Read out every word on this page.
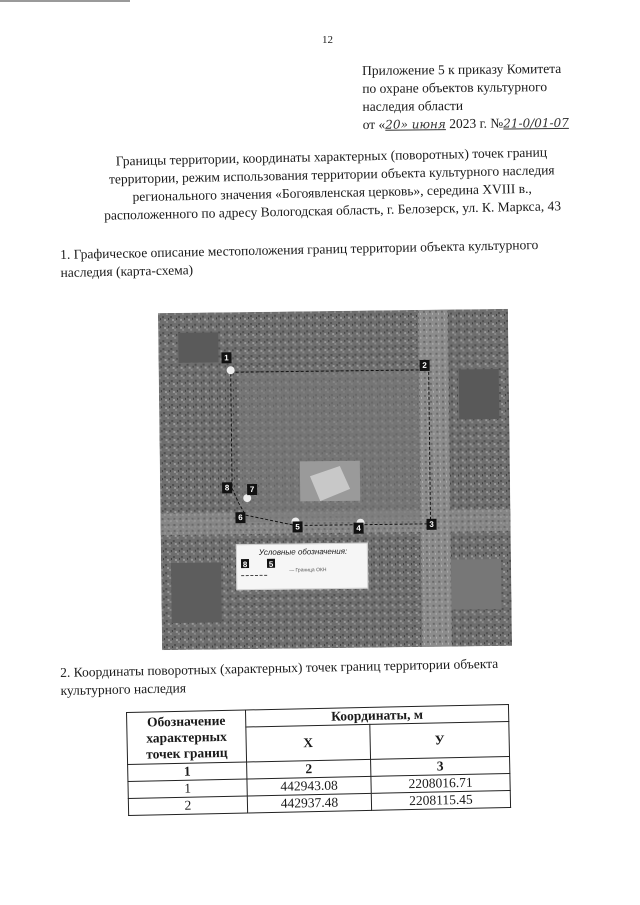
12
Приложение 5 к приказу Комитета
по охране объектов культурного
наследия области
от «20» июня 2023 г. №21-0/01-07
Границы территории, координаты характерных (поворотных) точек границ
территории, режим использования территории объекта культурного наследия
регионального значения «Богоявленская церковь», середина XVIII в.,
расположенного по адресу Вологодская область, г. Белозерск, ул. К. Маркса, 43
1. Графическое описание местоположения границ территории объекта культурного
наследия (карта-схема)
1
2
3
4
5
6
7
8
Условные обозначения:
8	5
— Граница ОКН
2. Координаты поворотных (характерных) точек границ территории объекта
культурного наследия
Обозначение характерных точек границ	Координаты, м	
	X	У
1	2	3
1	442943.08	2208016.71
2	442937.48	2208115.45
